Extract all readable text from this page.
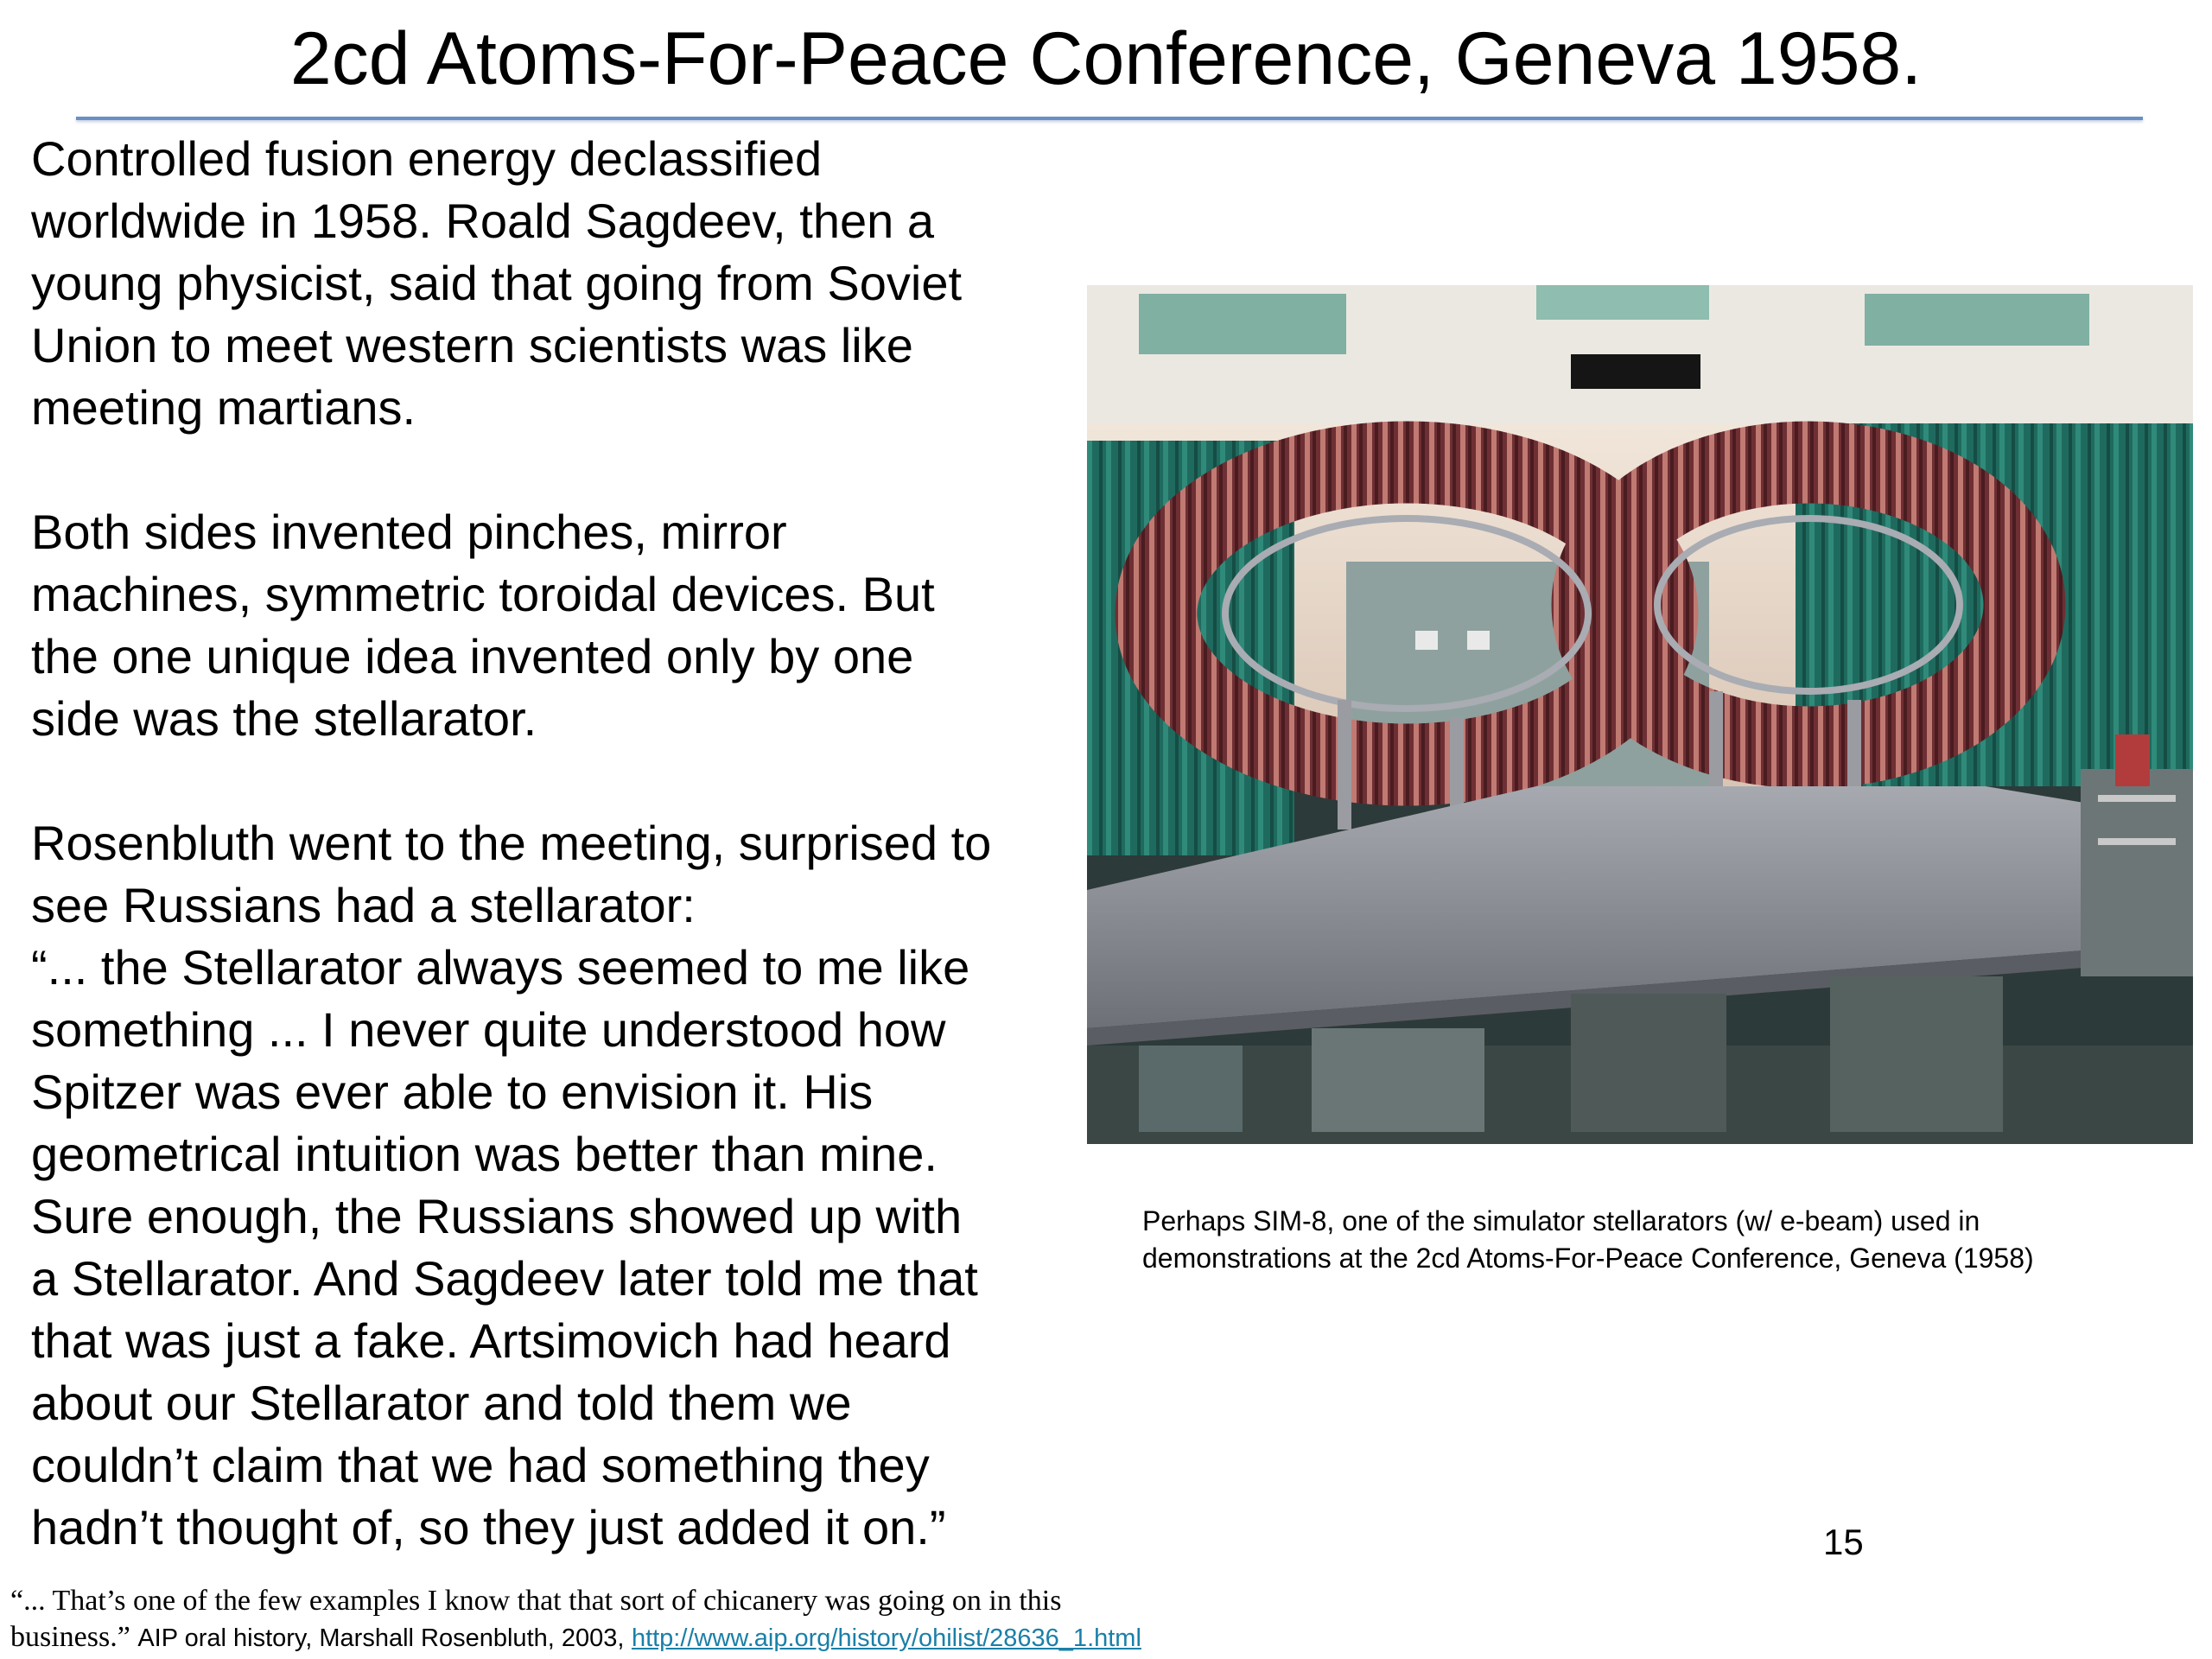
2cd Atoms-For-Peace Conference, Geneva 1958.

Controlled fusion energy declassified
worldwide in 1958. Roald Sagdeev, then a
young physicist, said that going from Soviet
Union to meet western scientists was like
meeting martians.

Both sides invented pinches, mirror
machines, symmetric toroidal devices. But
the one unique idea invented only by one
side was the stellarator.

Rosenbluth went to the meeting, surprised to
see Russians had a stellarator:
“... the Stellarator always seemed to me like
something ... I never quite understood how
Spitzer was ever able to envision it. His
geometrical intuition was better than mine.
Sure enough, the Russians showed up with
a Stellarator. And Sagdeev later told me that
that was just a fake. Artsimovich had heard
about our Stellarator and told them we
couldn’t claim that we had something they
hadn’t thought of, so they just added it on.”

Perhaps SIM-8, one of the simulator stellarators (w/ e-beam) used in
demonstrations at the 2cd Atoms-For-Peace Conference, Geneva (1958)
15
“... That’s one of the few examples I know that that sort of chicanery was going on in this
business.” AIP oral history, Marshall Rosenbluth, 2003, http://www.aip.org/history/ohilist/28636_1.html
